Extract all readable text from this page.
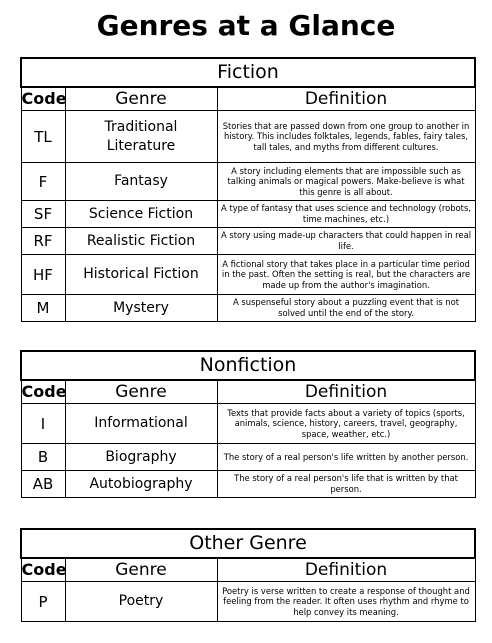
Genres at a Glance
Fiction		
Code	Genre	Definition
TL	Traditional Literature	Stories that are passed down from one group to another in history. This includes folktales, legends, fables, fairy tales, tall tales, and myths from different cultures.
F	Fantasy	A story including elements that are impossible such as talking animals or magical powers. Make-believe is what this genre is all about.
SF	Science Fiction	A type of fantasy that uses science and technology (robots, time machines, etc.)
RF	Realistic Fiction	A story using made-up characters that could happen in real life.
HF	Historical Fiction	A fictional story that takes place in a particular time period in the past. Often the setting is real, but the characters are made up from the author's imagination.
M	Mystery	A suspenseful story about a puzzling event that is not solved until the end of the story.
Nonfiction		
Code	Genre	Definition
I	Informational	Texts that provide facts about a variety of topics (sports, animals, science, history, careers, travel, geography, space, weather, etc.)
B	Biography	The story of a real person's life written by another person.
AB	Autobiography	The story of a real person's life that is written by that person.
Other Genre		
Code	Genre	Definition
P	Poetry	Poetry is verse written to create a response of thought and feeling from the reader. It often uses rhythm and rhyme to help convey its meaning.
